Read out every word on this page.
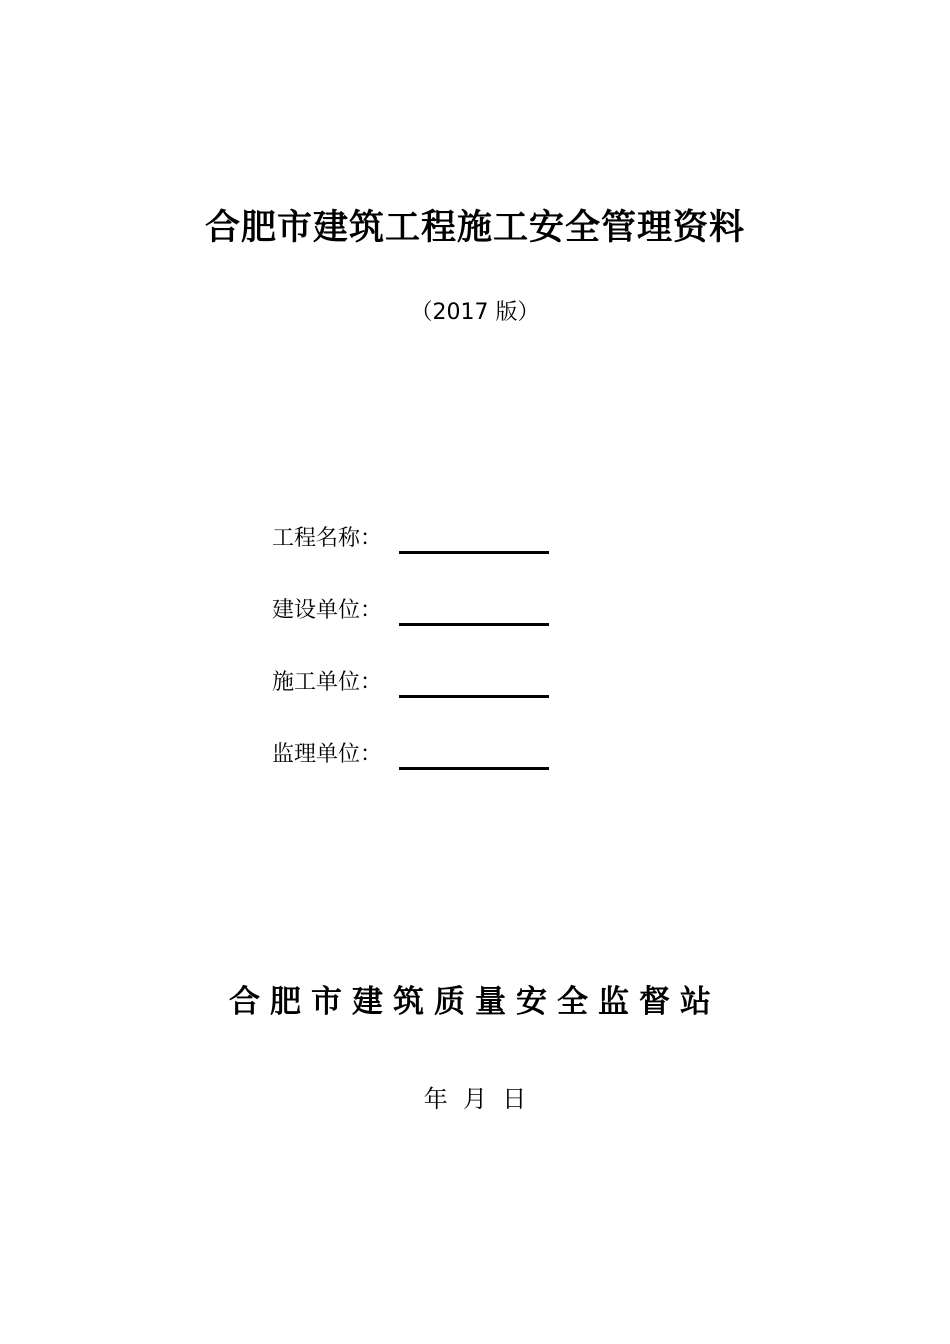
合肥市建筑工程施工安全管理资料
（2017 版）
工程名称：
建设单位：
施工单位：
监理单位：
合肥市建筑质量安全监督站
年  月  日
